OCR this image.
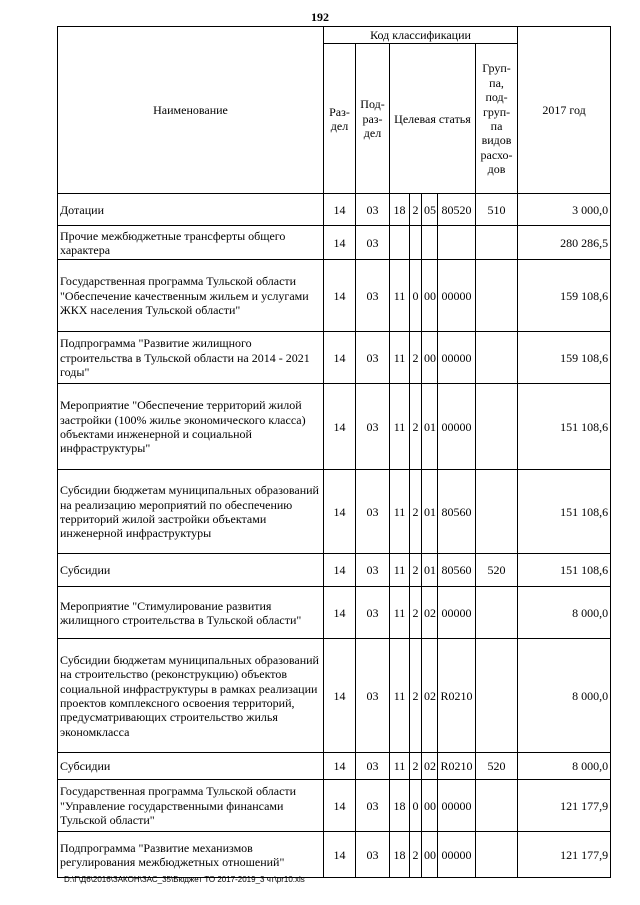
192
Наименование	Код классификации							2017 год
	Раз-дел	Под-раз-дел	Целевая статья				Груп-па, под-груп-па видов расхо-дов	
Дотации	14	03	18	2	05	80520	510	3 000,0
Прочие межбюджетные трансферты общего характера	14	03						280 286,5
Государственная программа Тульской области "Обеспечение качественным жильем и услугами ЖКХ населения Тульской области"	14	03	11	0	00	00000		159 108,6
Подпрограмма "Развитие жилищного строительства в Тульской области на 2014 - 2021 годы"	14	03	11	2	00	00000		159 108,6
Мероприятие "Обеспечение территорий жилой застройки (100% жилье экономического класса) объектами инженерной и социальной инфраструктуры"	14	03	11	2	01	00000		151 108,6
Субсидии бюджетам муниципальных образований на реализацию мероприятий по обеспечению территорий жилой застройки объектами инженерной инфраструктуры	14	03	11	2	01	80560		151 108,6
Субсидии	14	03	11	2	01	80560	520	151 108,6
Мероприятие "Стимулирование развития жилищного строительства в Тульской области"	14	03	11	2	02	00000		8 000,0
Субсидии бюджетам муниципальных образований на строительство (реконструкцию) объектов социальной инфраструктуры в рамках реализации проектов комплексного освоения территорий, предусматривающих строительство жилья экономкласса	14	03	11	2	02	R0210		8 000,0
Субсидии	14	03	11	2	02	R0210	520	8 000,0
Государственная программа Тульской области "Управление государственными финансами Тульской области"	14	03	18	0	00	00000		121 177,9
Подпрограмма "Развитие механизмов регулирования межбюджетных отношений"	14	03	18	2	00	00000		121 177,9
D:\Г\Д6\2016\ЗАКОН\ЗАС_35\Бюджет ТО 2017-2019_3 чт\pr10.xls
